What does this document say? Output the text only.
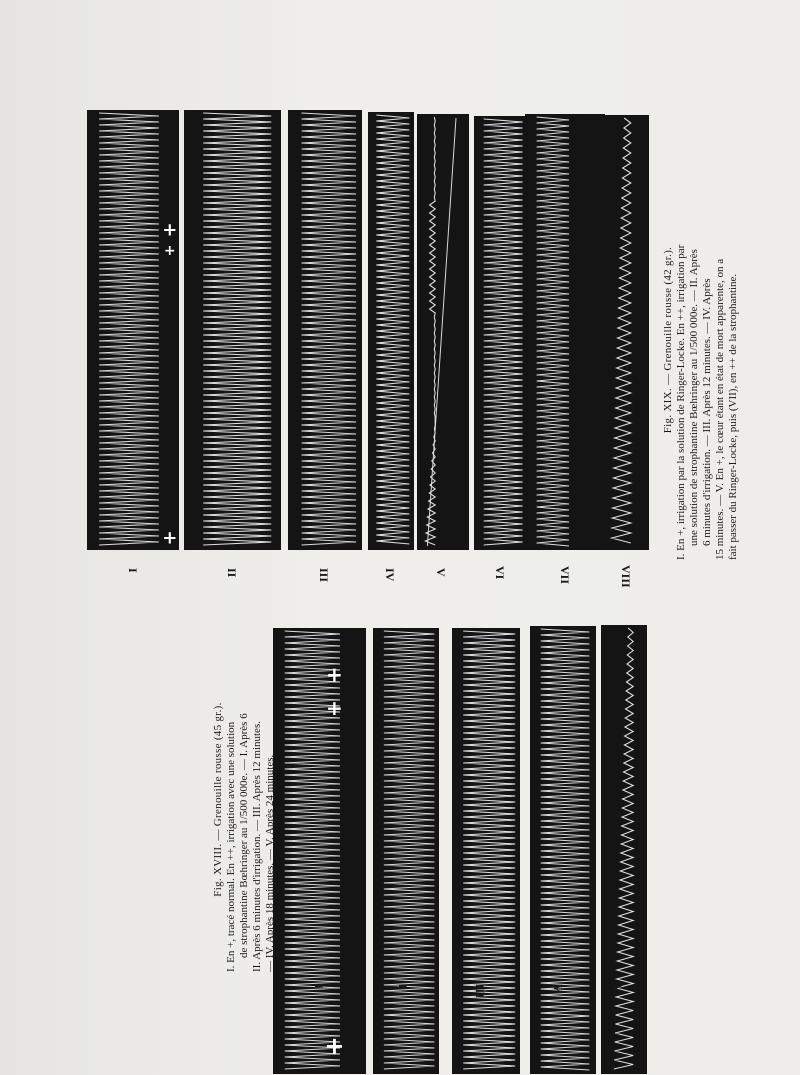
+
+
+
I	II	III	IV	V	VI	VII	VIII
Fig. XIX. — Grenouille rousse (42 gr.). I. En +, irrigation par la solution de Ringer-Locke. En ++, irrigation par une solution de strophantine Bœhringer au 1/500 000e. — II. Après 6 minutes d'irrigation. — III. Après 12 minutes. — IV. Après 15 minutes. — V. En +, le cœur étant en état de mort apparente, on a fait passer du Ringer-Locke, puis (VII), en ++ de la strophantine.
+
+
+
I	I	III	V	V
Fig. XVIII. — Grenouille rousse (45 gr.). I. En +, tracé normal. En ++, irrigation avec une solution de strophantine Bœhringer au 1/500 000e. — I. Après 6 II. Après 6 minutes d'irrigation. — III. Après 12 minutes. — IV. Après 18 minutes. — V. Après 24 minutes.
